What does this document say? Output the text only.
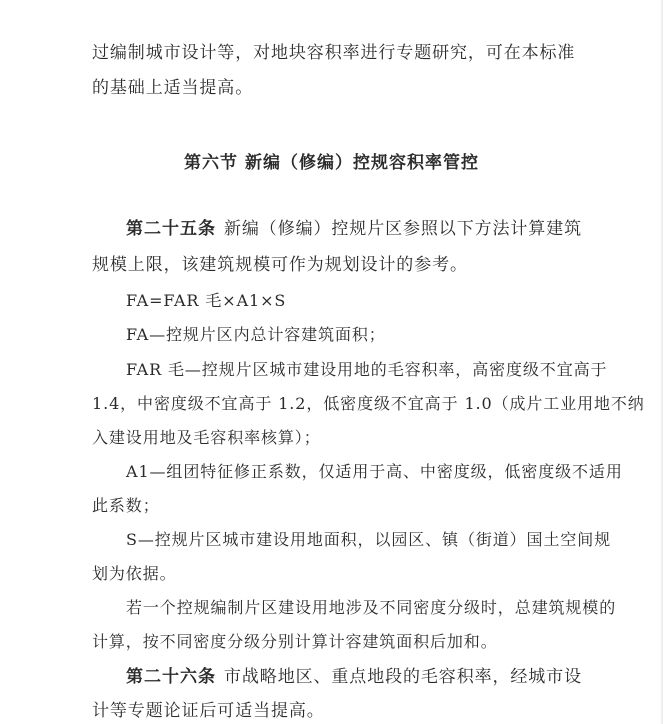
过编制城市设计等，对地块容积率进行专题研究，可在本标准
的基础上适当提高。
第六节 新编（修编）控规容积率管控
第二十五条 新编（修编）控规片区参照以下方法计算建筑
规模上限，该建筑规模可作为规划设计的参考。
FA=FAR 毛×A1×S
FA—控规片区内总计容建筑面积；
FAR 毛—控规片区城市建设用地的毛容积率，高密度级不宜高于
1.4，中密度级不宜高于 1.2，低密度级不宜高于 1.0（成片工业用地不纳
入建设用地及毛容积率核算）；
A1—组团特征修正系数，仅适用于高、中密度级，低密度级不适用
此系数；
S—控规片区城市建设用地面积，以园区、镇（街道）国土空间规
划为依据。
若一个控规编制片区建设用地涉及不同密度分级时，总建筑规模的
计算，按不同密度分级分别计算计容建筑面积后加和。
第二十六条 市战略地区、重点地段的毛容积率，经城市设
计等专题论证后可适当提高。
